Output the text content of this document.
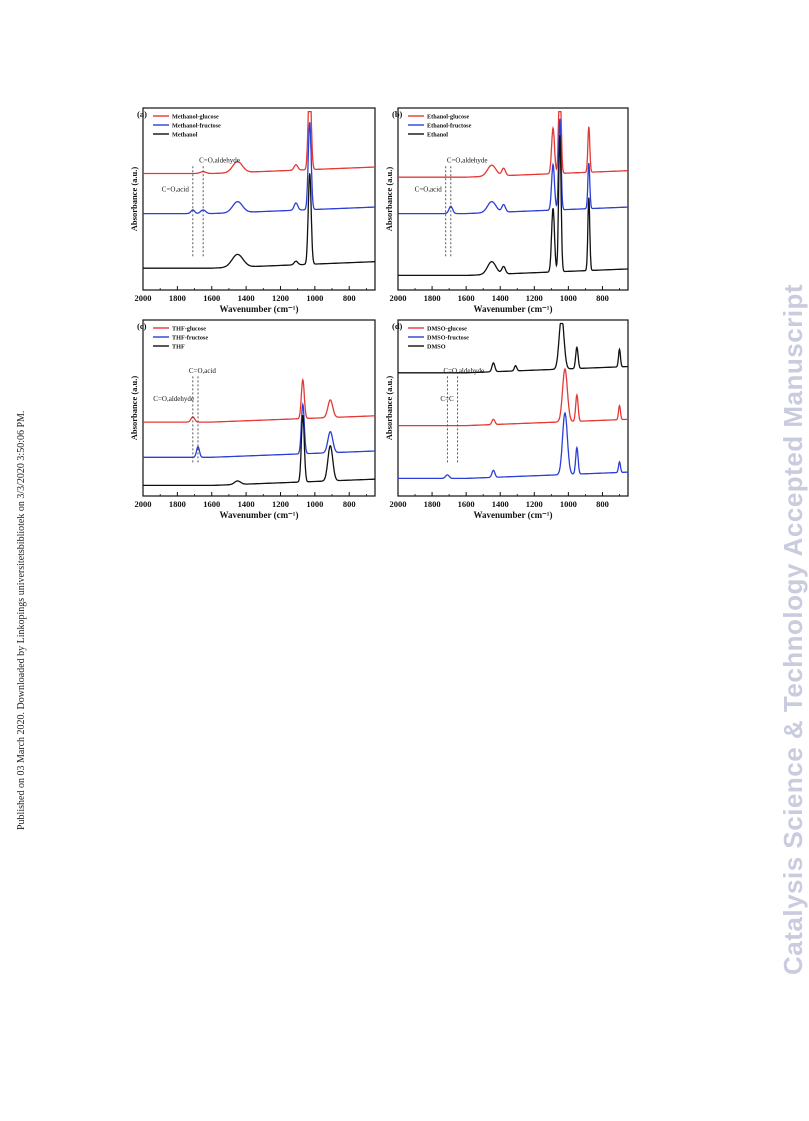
Published on 03 March 2020. Downloaded by Linkopings universitetsbibliotek on 3/3/2020 3:50:06 PM.	Catalysis Science & Technology Accepted Manuscript
2000 1800 1600 1400 1200 1000 800
Wavenumber (cm⁻¹)
Absorbance (a.u.)
(a)	Methanol-glucose
Methanol-fructose
Methanol
C=O,aldehyde
C=O,acid
2000 1800 1600 1400 1200 1000 800
Wavenumber (cm⁻¹)
Absorbance (a.u.)
(b)	Ethanol-glucose
Ethanol-fructose
Ethanol
C=O,aldehyde
C=O,acid
2000 1800 1600 1400 1200 1000 800
Wavenumber (cm⁻¹)
Absorbance (a.u.)
(c)	THF-glucose
THF-fructose
THF
C=O,acid
C=O,aldehyde
2000 1800 1600 1400 1200 1000 800
Wavenumber (cm⁻¹)
Absorbance (a.u.)
(d)	DMSO-glucose
DMSO-fructose
DMSO
C=O,aldehyde
C=C
